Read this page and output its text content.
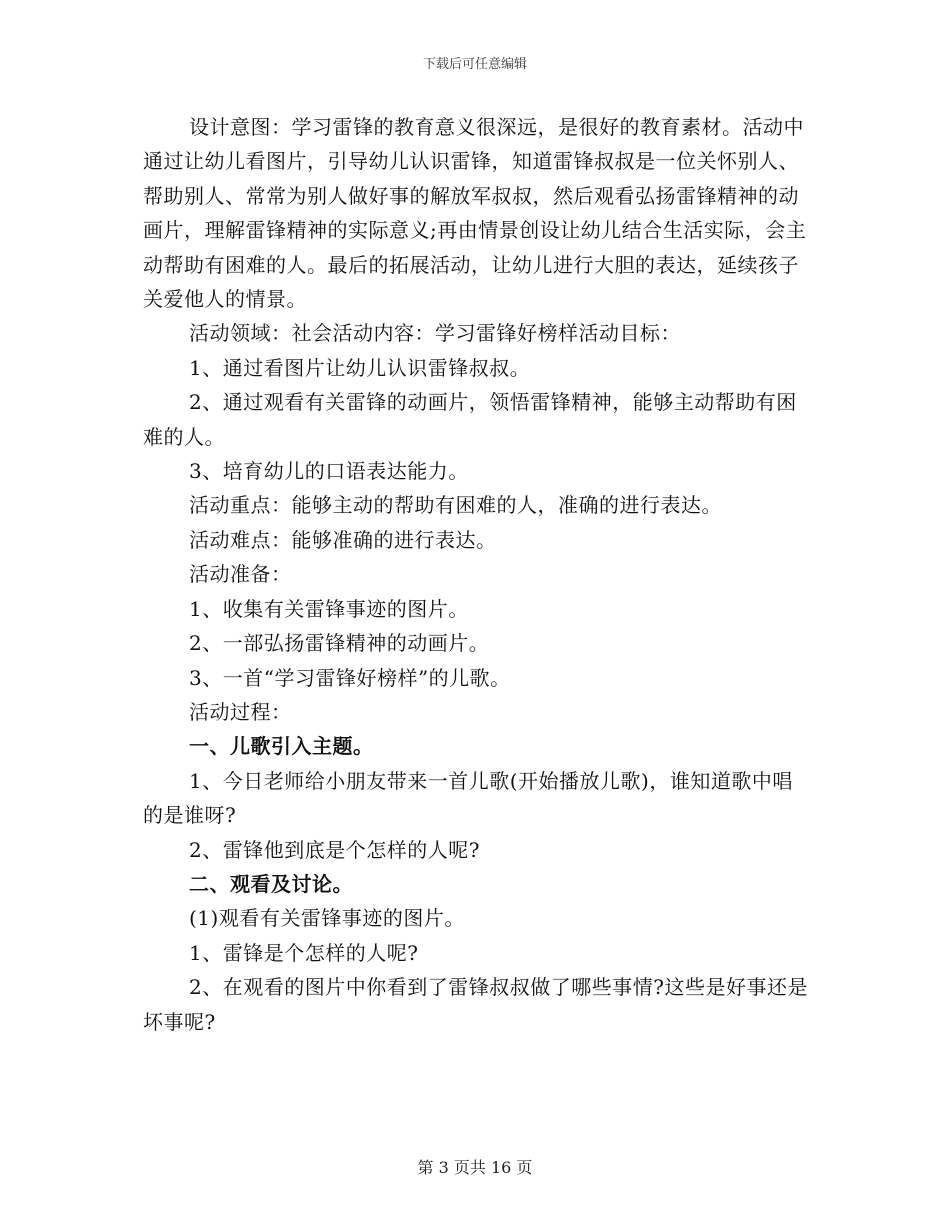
下载后可任意编辑

设计意图：学习雷锋的教育意义很深远，是很好的教育素材。活动中通过让幼儿看图片，引导幼儿认识雷锋，知道雷锋叔叔是一位关怀别人、帮助别人、常常为别人做好事的解放军叔叔，然后观看弘扬雷锋精神的动画片，理解雷锋精神的实际意义;再由情景创设让幼儿结合生活实际，会主动帮助有困难的人。最后的拓展活动，让幼儿进行大胆的表达，延续孩子关爱他人的情景。

活动领域：社会活动内容：学习雷锋好榜样活动目标：

1、通过看图片让幼儿认识雷锋叔叔。

2、通过观看有关雷锋的动画片，领悟雷锋精神，能够主动帮助有困难的人。

3、培育幼儿的口语表达能力。

活动重点：能够主动的帮助有困难的人，准确的进行表达。

活动难点：能够准确的进行表达。

活动准备：

1、收集有关雷锋事迹的图片。

2、一部弘扬雷锋精神的动画片。

3、一首“学习雷锋好榜样”的儿歌。

活动过程：

一、儿歌引入主题。

1、今日老师给小朋友带来一首儿歌(开始播放儿歌)，谁知道歌中唱的是谁呀?

2、雷锋他到底是个怎样的人呢?

二、观看及讨论。

(1)观看有关雷锋事迹的图片。

1、雷锋是个怎样的人呢?

2、在观看的图片中你看到了雷锋叔叔做了哪些事情?这些是好事还是坏事呢?

第 3 页共 16 页
